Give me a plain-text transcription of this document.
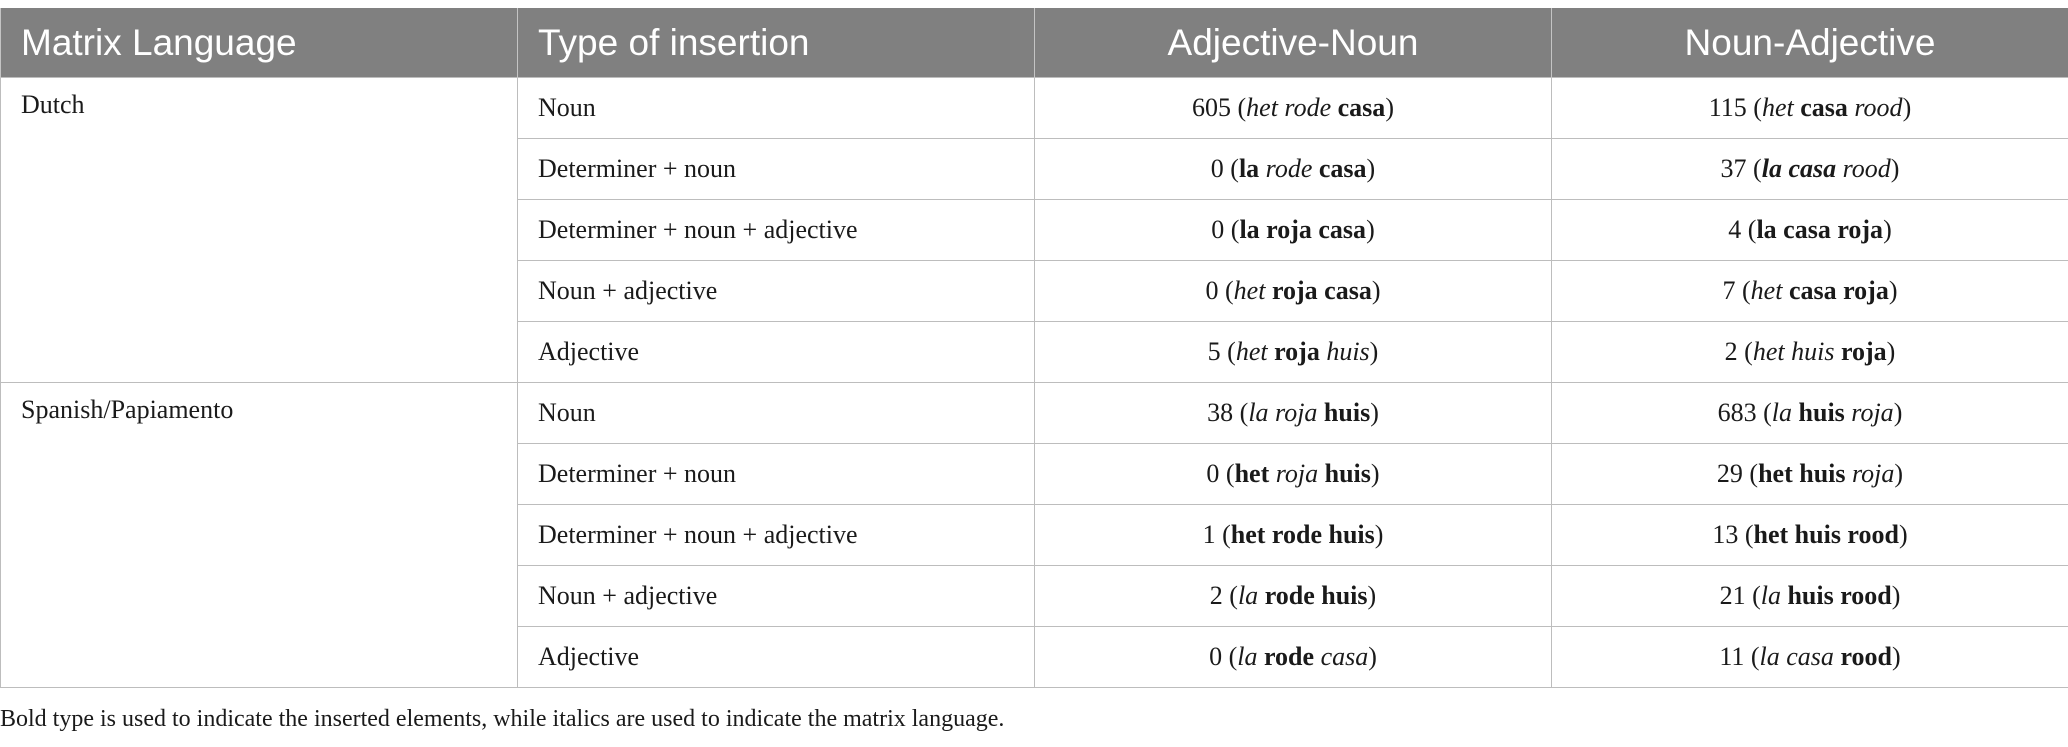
Matrix Language	Type of insertion	Adjective-Noun	Noun-Adjective
Dutch	Noun	605 (het rode casa)	115 (het casa rood)
	Determiner + noun	0 (la rode casa)	37 (la casa rood)
	Determiner + noun + adjective	0 (la roja casa)	4 (la casa roja)
	Noun + adjective	0 (het roja casa)	7 (het casa roja)
	Adjective	5 (het roja huis)	2 (het huis roja)
Spanish/Papiamento	Noun	38 (la roja huis)	683 (la huis roja)
	Determiner + noun	0 (het roja huis)	29 (het huis roja)
	Determiner + noun + adjective	1 (het rode huis)	13 (het huis rood)
	Noun + adjective	2 (la rode huis)	21 (la huis rood)
	Adjective	0 (la rode casa)	11 (la casa rood)
Bold type is used to indicate the inserted elements, while italics are used to indicate the matrix language.
